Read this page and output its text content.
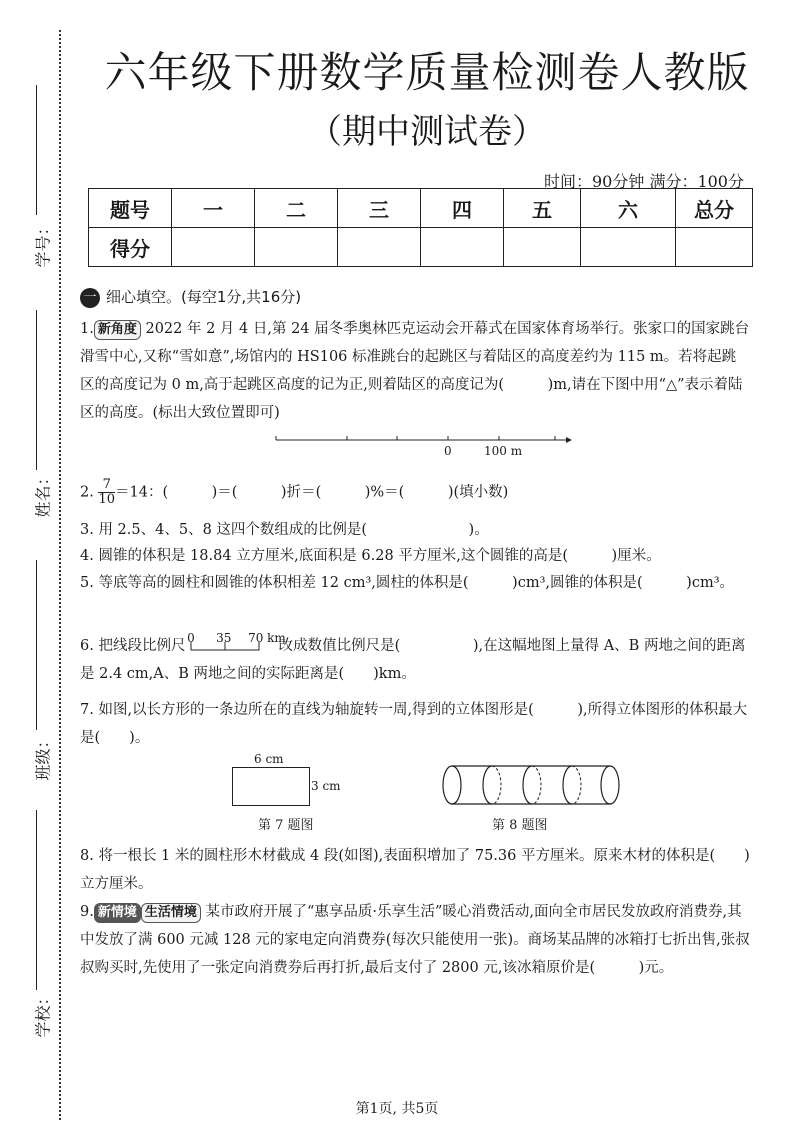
学号：
姓名：
班级：
学校：
六年级下册数学质量检测卷人教版
（期中测试卷）
时间：90分钟 满分：100分
题号	一	二	三	四	五	六	总分
得分							
一 细心填空。(每空1分,共16分)
1. 新角度 2022 年 2 月 4 日,第 24 届冬季奥林匹克运动会开幕式在国家体育场举行。张家口的国家跳台滑雪中心,又称“雪如意”,场馆内的 HS106 标准跳台的起跳区与着陆区的高度差约为 115 m。若将起跳区的高度记为 0 m,高于起跳区高度的记为正,则着陆区的高度记为(　　　)m,请在下图中用“△”表示着陆区的高度。(标出大致位置即可)
0	100 m
2. $\frac{7}{10} =14$：(　　　)＝(　　　)折＝(　　　)%＝(　　　)(填小数)
3. 用 2.5、4、5、8 这四个数组成的比例是(　　　　　　　)。
4. 圆锥的体积是 18.84 立方厘米,底面积是 6.28 平方厘米,这个圆锥的高是(　　　)厘米。
5. 等底等高的圆柱和圆锥的体积相差 12 cm³,圆柱的体积是(　　　)cm³,圆锥的体积是(　　　)cm³。
6. 把线段比例尺 0 35 70 km
改成数值比例尺是(　　　　　),在这幅地图上量得 A、B 两地之间的距离是 2.4 cm,A、B 两地之间的实际距离是(　　)km。
7. 如图,以长方形的一条边所在的直线为轴旋转一周,得到的立体图形是(　　　),所得立体图形的体积最大是(　　)。
6 cm
3 cm
第 7 题图	第 8 题图
8. 将一根长 1 米的圆柱形木材截成 4 段(如图),表面积增加了 75.36 平方厘米。原来木材的体积是(　　)立方厘米。
9. 新情境 生活情境 某市政府开展了“惠享品质·乐享生活”暖心消费活动,面向全市居民发放政府消费券,其中发放了满 600 元减 128 元的家电定向消费券(每次只能使用一张)。商场某品牌的冰箱打七折出售,张叔叔购买时,先使用了一张定向消费券后再打折,最后支付了 2800 元,该冰箱原价是(　　　)元。
第1页, 共5页
